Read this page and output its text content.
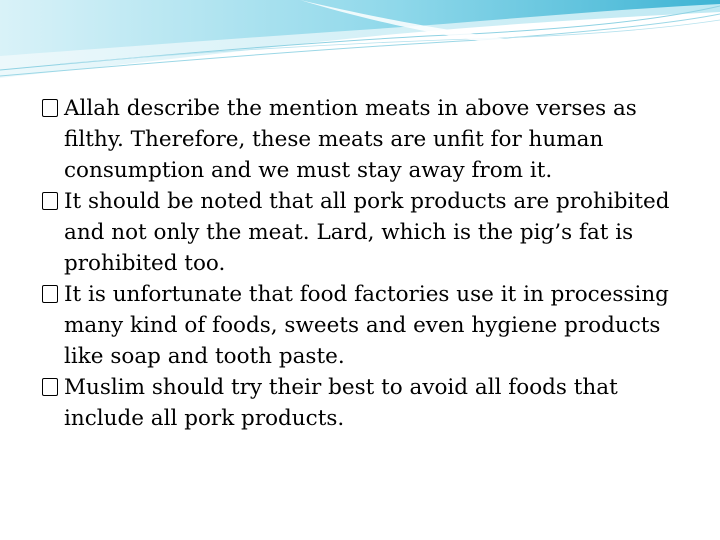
Allah describe the mention meats in above verses as filthy. Therefore, these meats are unfit for human consumption and we must stay away from it.

It should be noted that all pork products are prohibited and not only the meat. Lard, which is the pig’s fat is prohibited too.

It is unfortunate that food factories use it in processing many kind of foods, sweets and even hygiene products like soap and tooth paste.

Muslim should try their best to avoid all foods that include all pork products.
